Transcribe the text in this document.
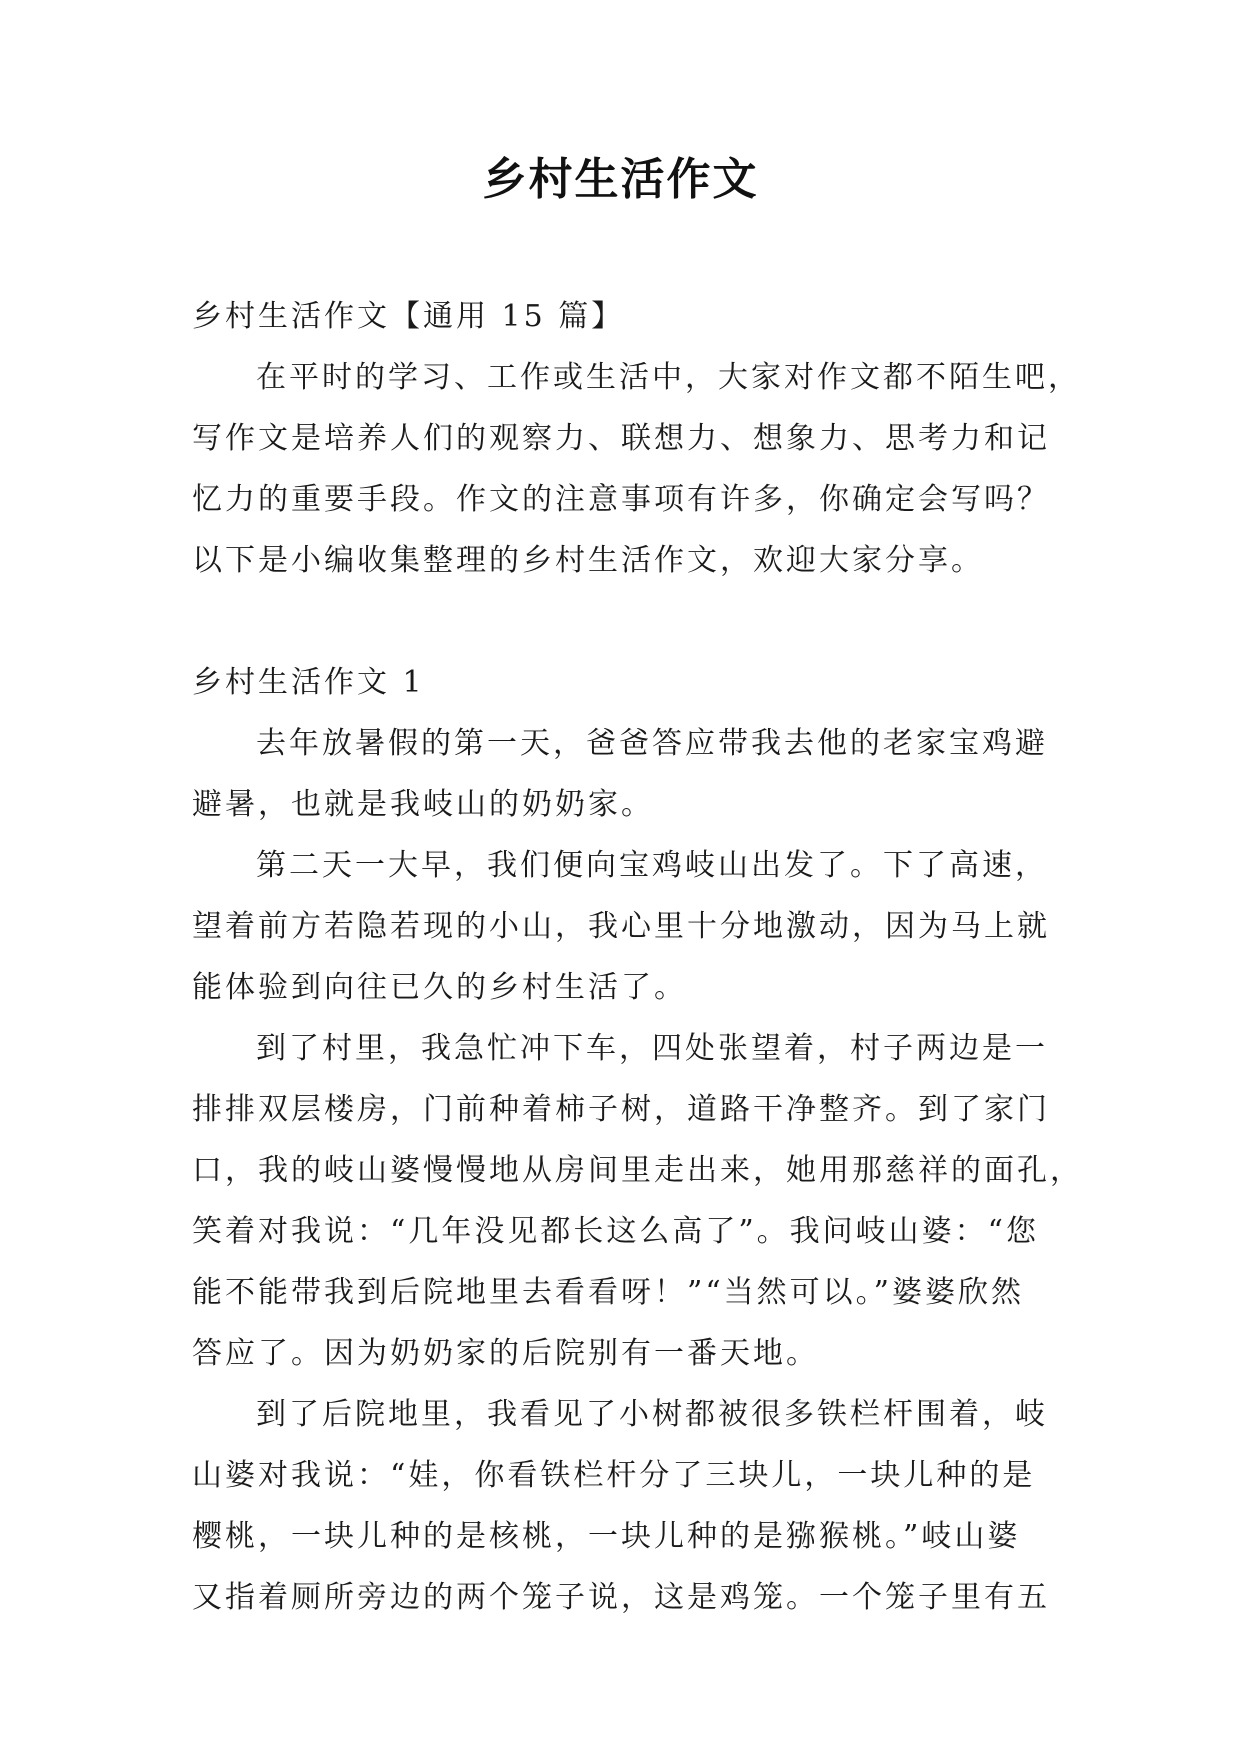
乡村生活作文

乡村生活作文【通用 15 篇】

在平时的学习、工作或生活中，大家对作文都不陌生吧，

写作文是培养人们的观察力、联想力、想象力、思考力和记

忆力的重要手段。作文的注意事项有许多，你确定会写吗？

以下是小编收集整理的乡村生活作文，欢迎大家分享。

乡村生活作文 1

去年放暑假的第一天，爸爸答应带我去他的老家宝鸡避

避暑，也就是我岐山的奶奶家。

第二天一大早，我们便向宝鸡岐山出发了。下了高速，

望着前方若隐若现的小山，我心里十分地激动，因为马上就

能体验到向往已久的乡村生活了。

到了村里，我急忙冲下车，四处张望着，村子两边是一

排排双层楼房，门前种着柿子树，道路干净整齐。到了家门

口，我的岐山婆慢慢地从房间里走出来，她用那慈祥的面孔，

笑着对我说：“几年没见都长这么高了”。我问岐山婆：“您

能不能带我到后院地里去看看呀！”“当然可以。”婆婆欣然

答应了。因为奶奶家的后院别有一番天地。

到了后院地里，我看见了小树都被很多铁栏杆围着，岐

山婆对我说：“娃，你看铁栏杆分了三块儿，一块儿种的是

樱桃，一块儿种的是核桃，一块儿种的是猕猴桃。”岐山婆

又指着厕所旁边的两个笼子说，这是鸡笼。一个笼子里有五
